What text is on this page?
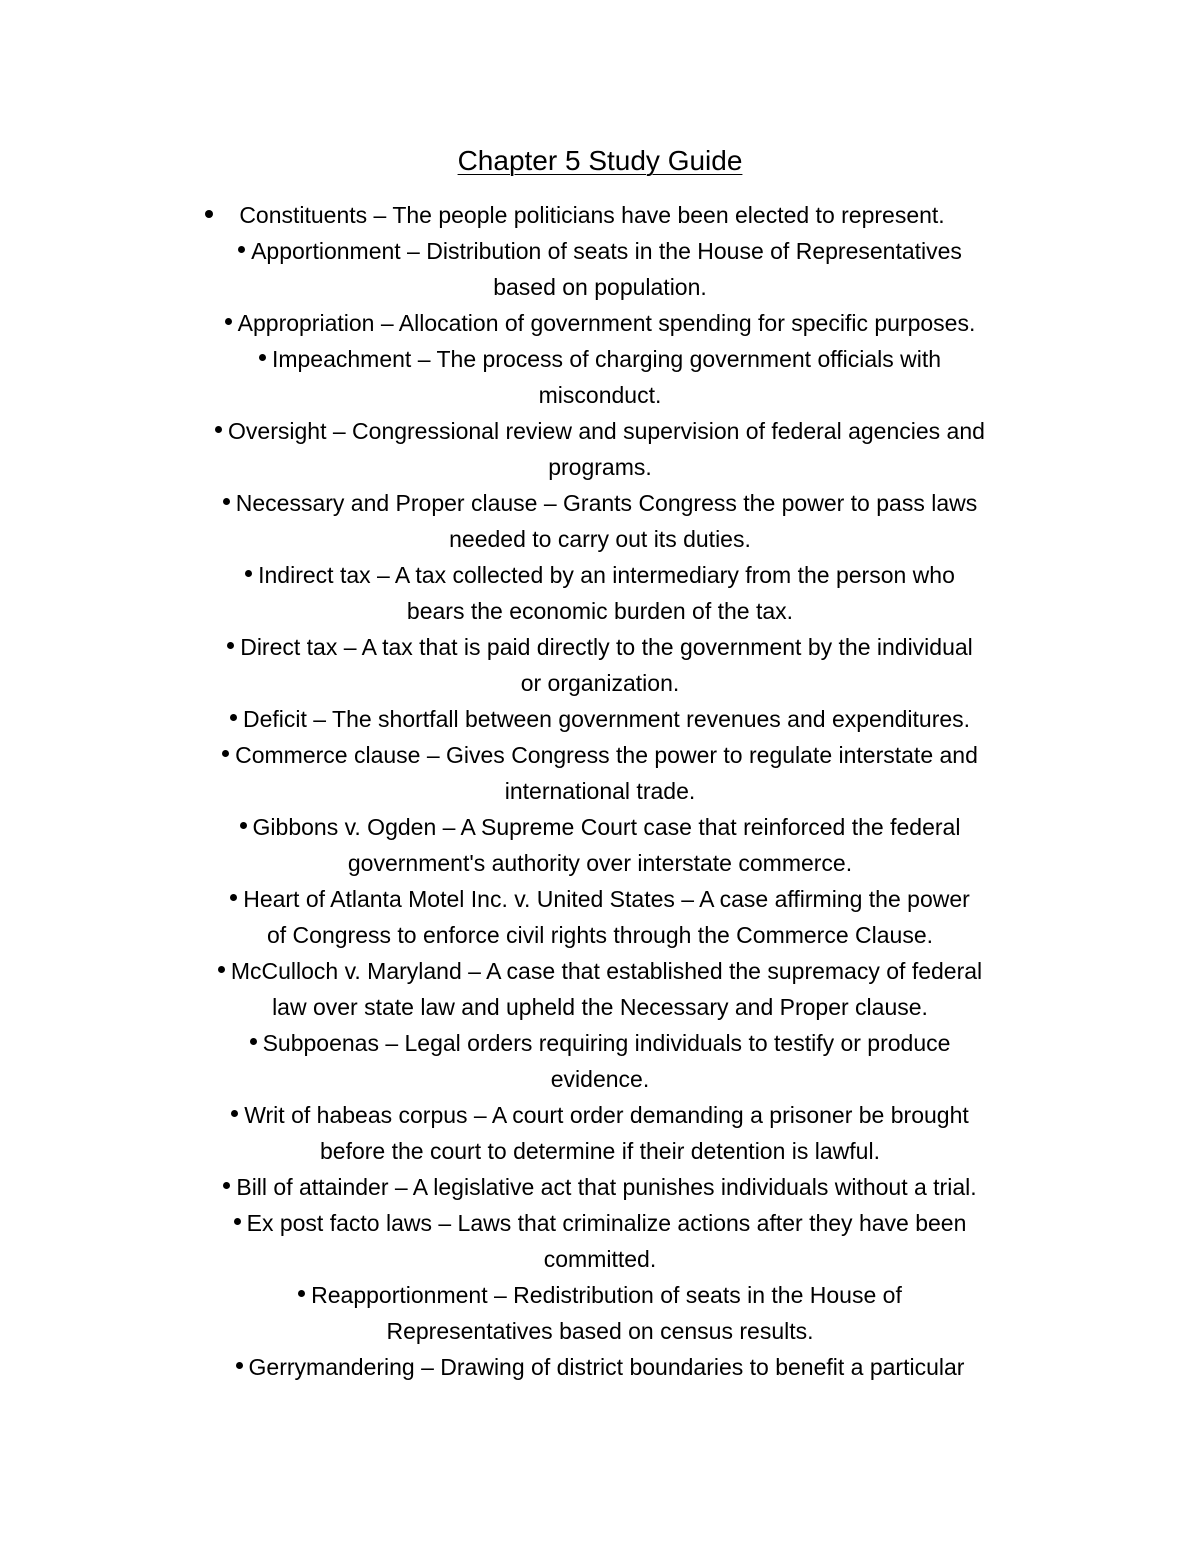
Chapter 5 Study Guide
Constituents – The people politicians have been elected to represent.
Apportionment – Distribution of seats in the House of Representatives
based on population.
Appropriation – Allocation of government spending for specific purposes.
Impeachment – The process of charging government officials with
misconduct.
Oversight – Congressional review and supervision of federal agencies and
programs.
Necessary and Proper clause – Grants Congress the power to pass laws
needed to carry out its duties.
Indirect tax – A tax collected by an intermediary from the person who
bears the economic burden of the tax.
Direct tax – A tax that is paid directly to the government by the individual
or organization.
Deficit – The shortfall between government revenues and expenditures.
Commerce clause – Gives Congress the power to regulate interstate and
international trade.
Gibbons v. Ogden – A Supreme Court case that reinforced the federal
government's authority over interstate commerce.
Heart of Atlanta Motel Inc. v. United States – A case affirming the power
of Congress to enforce civil rights through the Commerce Clause.
McCulloch v. Maryland – A case that established the supremacy of federal
law over state law and upheld the Necessary and Proper clause.
Subpoenas – Legal orders requiring individuals to testify or produce
evidence.
Writ of habeas corpus – A court order demanding a prisoner be brought
before the court to determine if their detention is lawful.
Bill of attainder – A legislative act that punishes individuals without a trial.
Ex post facto laws – Laws that criminalize actions after they have been
committed.
Reapportionment – Redistribution of seats in the House of
Representatives based on census results.
Gerrymandering – Drawing of district boundaries to benefit a particular
